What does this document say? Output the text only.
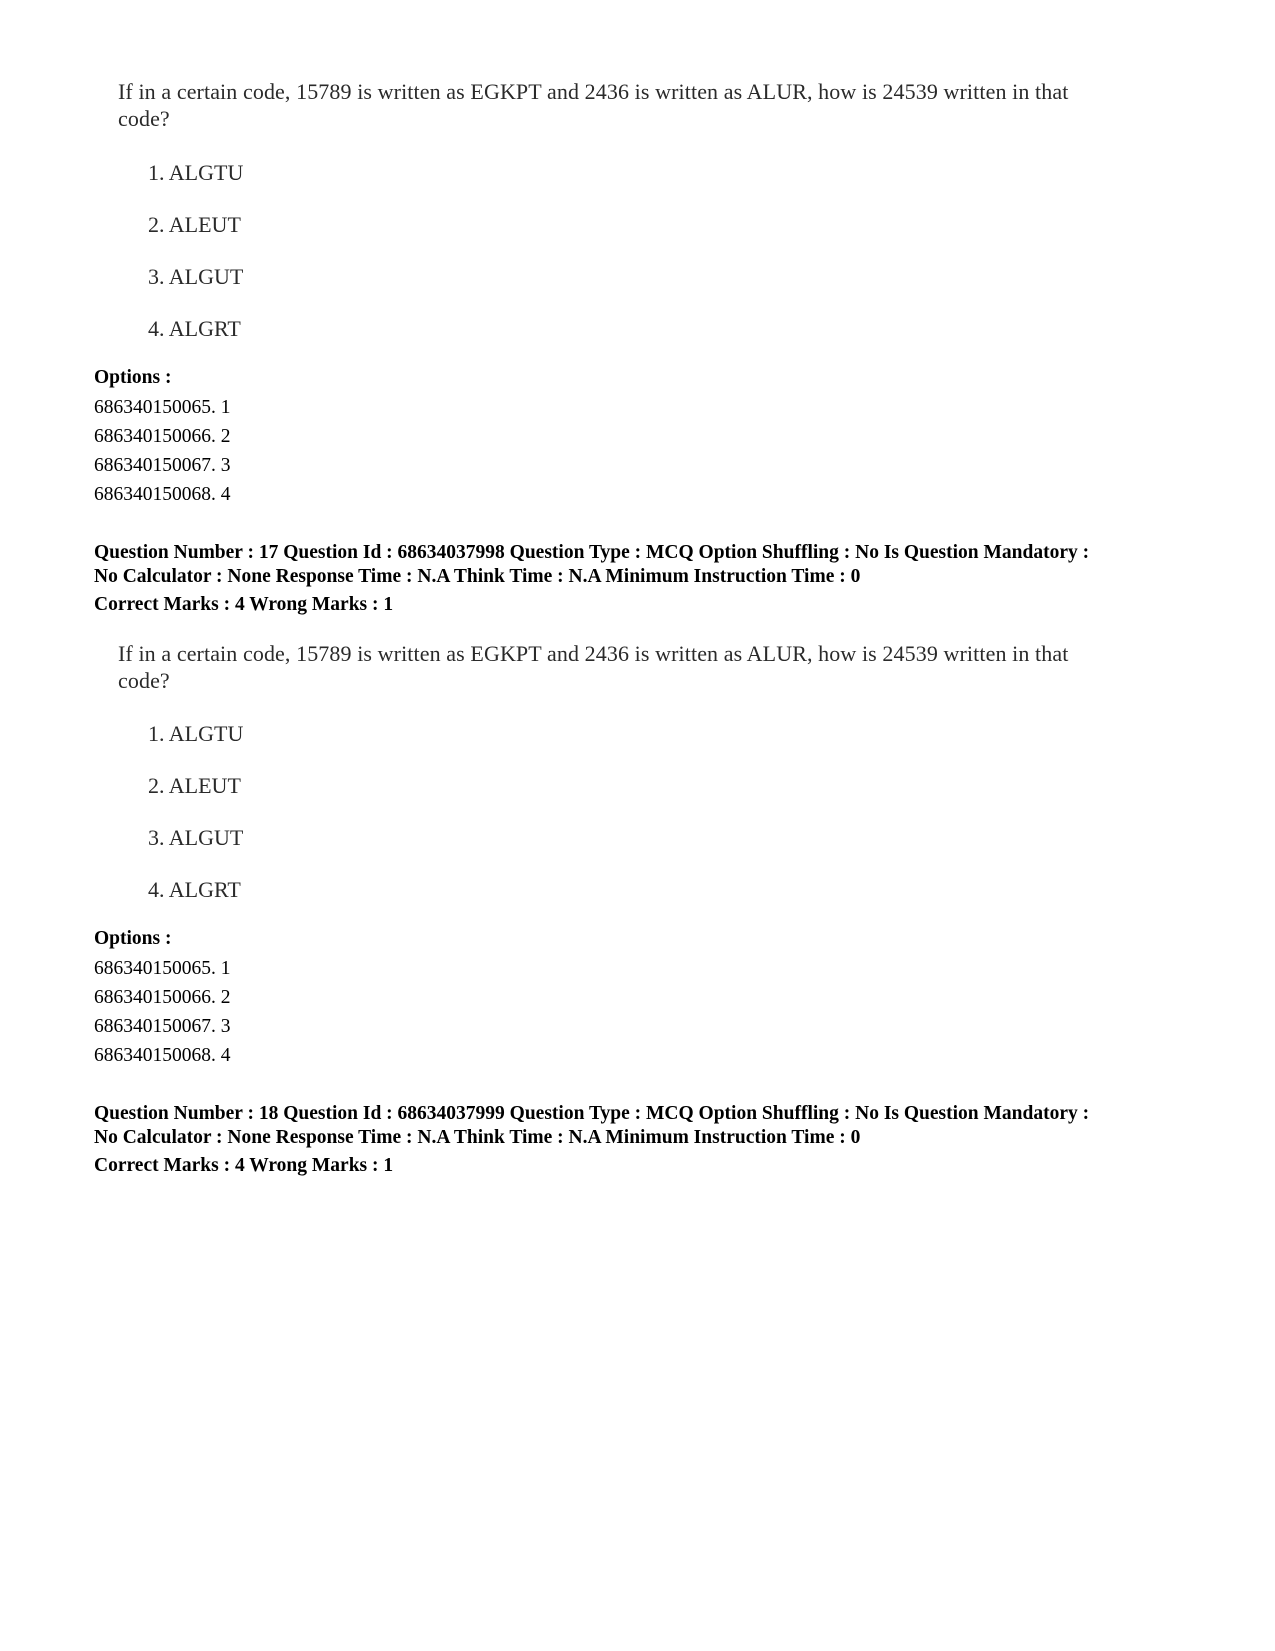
If in a certain code, 15789 is written as EGKPT and 2436 is written as ALUR, how is 24539 written in that

code?

1. ALGTU
2. ALEUT
3. ALGUT
4. ALGRT

Options :

686340150065. 1

686340150066. 2

686340150067. 3

686340150068. 4

Question Number : 17 Question Id : 68634037998 Question Type : MCQ Option Shuffling : No Is Question Mandatory :

No Calculator : None Response Time : N.A Think Time : N.A Minimum Instruction Time : 0

Correct Marks : 4 Wrong Marks : 1

If in a certain code, 15789 is written as EGKPT and 2436 is written as ALUR, how is 24539 written in that

code?

1. ALGTU
2. ALEUT
3. ALGUT
4. ALGRT

Options :

686340150065. 1

686340150066. 2

686340150067. 3

686340150068. 4

Question Number : 18 Question Id : 68634037999 Question Type : MCQ Option Shuffling : No Is Question Mandatory :

No Calculator : None Response Time : N.A Think Time : N.A Minimum Instruction Time : 0

Correct Marks : 4 Wrong Marks : 1
